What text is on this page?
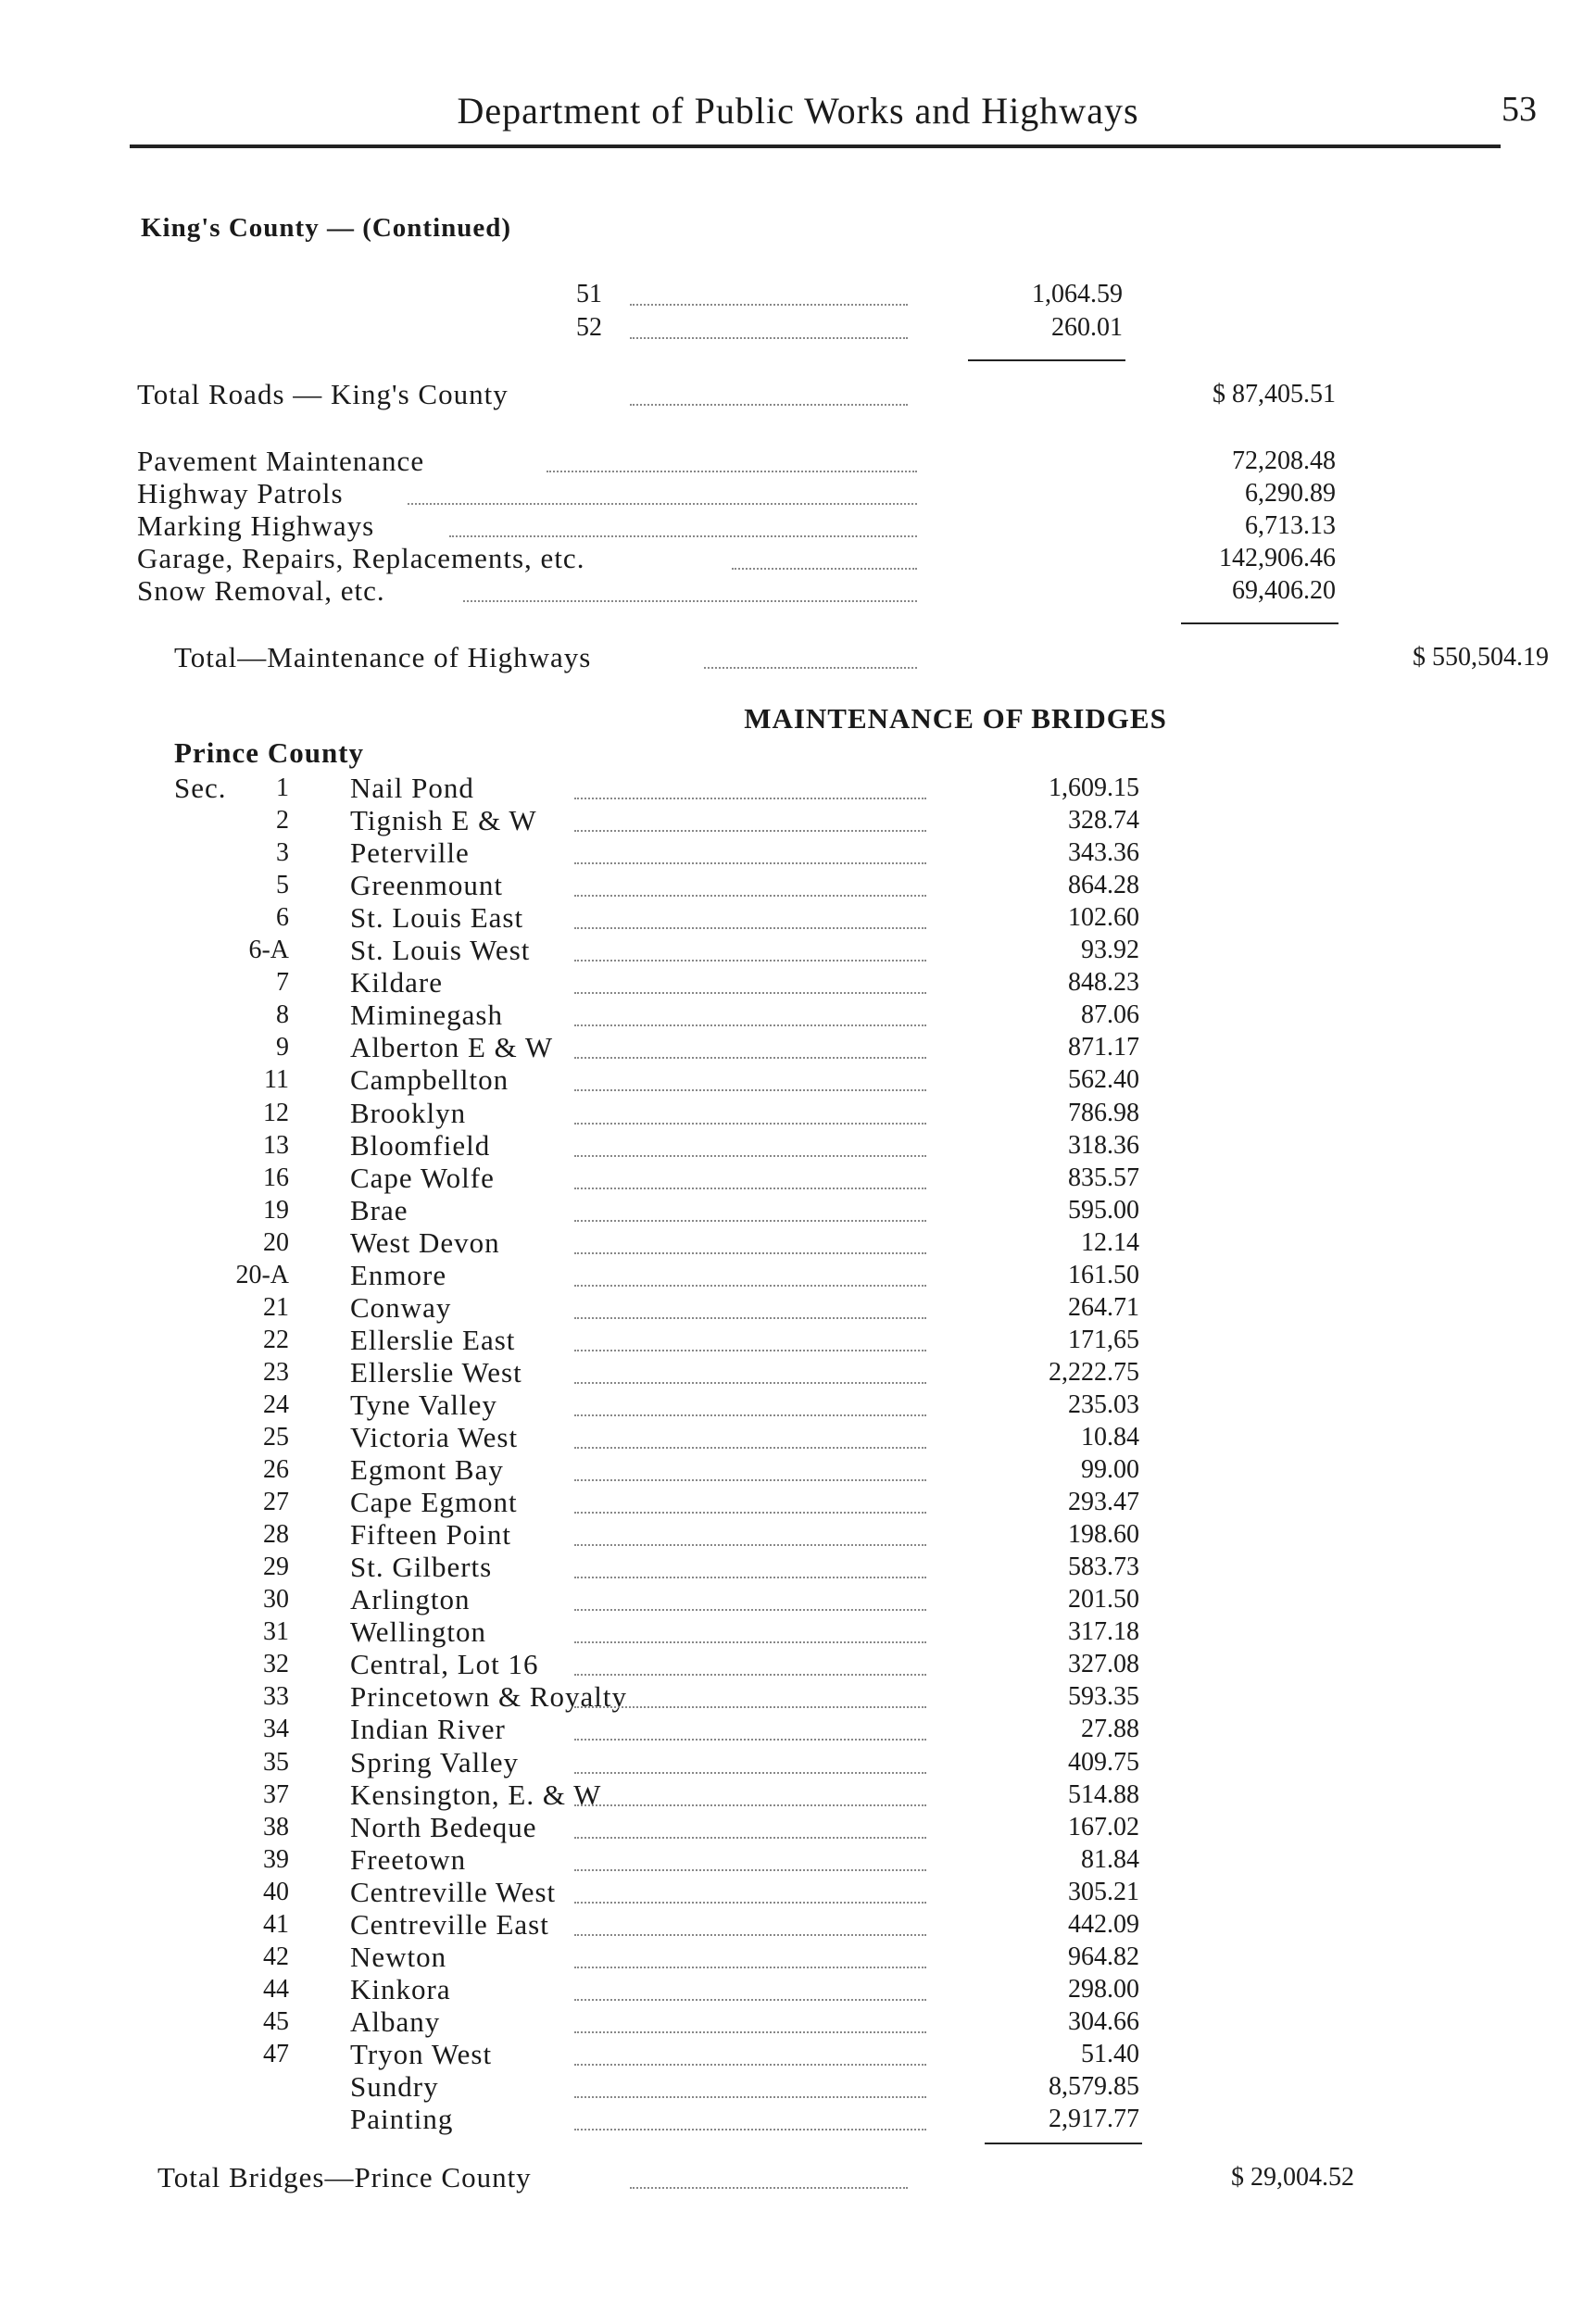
Department of Public Works and Highways	53
King's County — (Continued)
51	1,064.59
52	260.01
Total Roads — King's County	$ 87,405.51
Pavement Maintenance	72,208.48
Highway Patrols	6,290.89
Marking Highways	6,713.13
Garage, Repairs, Replacements, etc.	142,906.46
Snow Removal, etc.	69,406.20
Total—Maintenance of Highways	$ 550,504.19
MAINTENANCE OF BRIDGES
Prince County
Sec.	1 Nail Pond	1,609.15
2 Tignish E & W	328.74
3 Peterville	343.36
5 Greenmount	864.28
6 St. Louis East	102.60
6-A St. Louis West	93.92
7 Kildare	848.23
8 Miminegash	87.06
9 Alberton E & W	871.17
11 Campbellton	562.40
12 Brooklyn	786.98
13 Bloomfield	318.36
16 Cape Wolfe	835.57
19 Brae	595.00
20 West Devon	12.14
20-A Enmore	161.50
21 Conway	264.71
22 Ellerslie East	171,65
23 Ellerslie West	2,222.75
24 Tyne Valley	235.03
25 Victoria West	10.84
26 Egmont Bay	99.00
27 Cape Egmont	293.47
28 Fifteen Point	198.60
29 St. Gilberts	583.73
30 Arlington	201.50
31 Wellington	317.18
32 Central, Lot 16	327.08
33 Princetown & Royalty	593.35
34 Indian River	27.88
35 Spring Valley	409.75
37 Kensington, E. & W	514.88
38 North Bedeque	167.02
39 Freetown	81.84
40 Centreville West	305.21
41 Centreville East	442.09
42 Newton	964.82
44 Kinkora	298.00
45 Albany	304.66
47 Tryon West	51.40
Sundry	8,579.85
Painting	2,917.77
Total Bridges—Prince County	$ 29,004.52
